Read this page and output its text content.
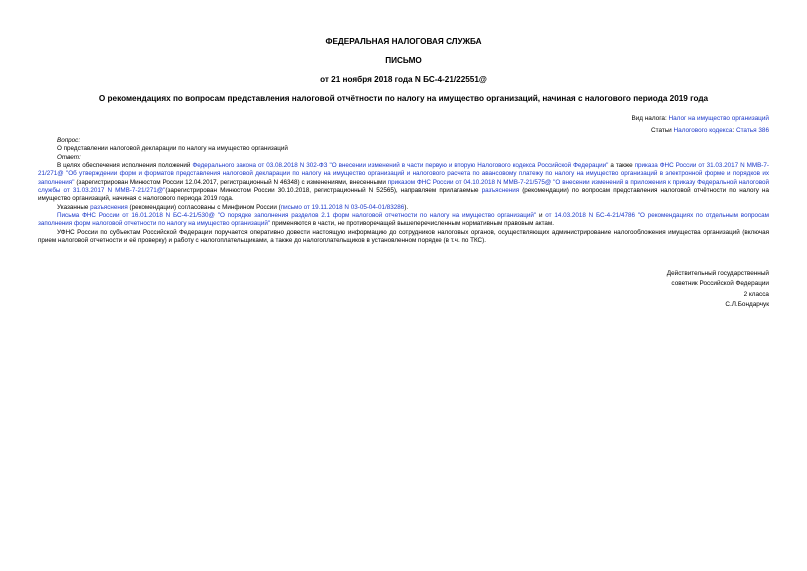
ФЕДЕРАЛЬНАЯ НАЛОГОВАЯ СЛУЖБА
ПИСЬМО
от 21 ноября 2018 года N БС-4-21/22551@
О рекомендациях по вопросам представления налоговой отчётности по налогу на имущество организаций, начиная с налогового периода 2019 года
Вид налога: Налог на имущество организаций
Статьи Налогового кодекса: Статья 386

Вопрос:

О представлении налоговой декларации по налогу на имущество организаций

Ответ:

В целях обеспечения исполнения положений Федерального закона от 03.08.2018 N 302-ФЗ "О внесении изменений в части первую и вторую Налогового кодекса Российской Федерации" а также приказа ФНС России от 31.03.2017 N ММВ-7-21/271@ "Об утверждении форм и форматов представления налоговой декларации по налогу на имущество организаций и налогового расчета по авансовому платежу по налогу на имущество организаций в электронной форме и порядков их заполнения" (зарегистрирован Минюстом России 12.04.2017, регистрационный N 46348) с изменениями, внесенными приказом ФНС России от 04.10.2018 N ММВ-7-21/575@ "О внесении изменений в приложения к приказу Федеральной налоговой службы от 31.03.2017 N ММВ-7-21/271@"(зарегистрирован Минюстом России 30.10.2018, регистрационный N 52565), направляем прилагаемые разъяснения (рекомендации) по вопросам представления налоговой отчётности по налогу на имущество организаций, начиная с налогового периода 2019 года.

Указанные разъяснения (рекомендации) согласованы с Минфином России (письмо от 19.11.2018 N 03-05-04-01/83286).

Письма ФНС России от 16.01.2018 N БС-4-21/530@ "О порядке заполнения разделов 2.1 форм налоговой отчетности по налогу на имущество организаций" и от 14.03.2018 N БС-4-21/4786 "О рекомендациях по отдельным вопросам заполнения форм налоговой отчетности по налогу на имущество организаций" применяются в части, не противоречащей вышеперечисленным нормативным правовым актам.

УФНС России по субъектам Российской Федерации поручается оперативно довести настоящую информацию до сотрудников налоговых органов, осуществляющих администрирование налогообложения имущества организаций (включая прием налоговой отчетности и её проверку) и работу с налогоплательщиками, а также до налогоплательщиков в установленном порядке (в т.ч. по ТКС).

Действительный государственный
советник Российской Федерации
2 класса
С.Л.Бондарчук
